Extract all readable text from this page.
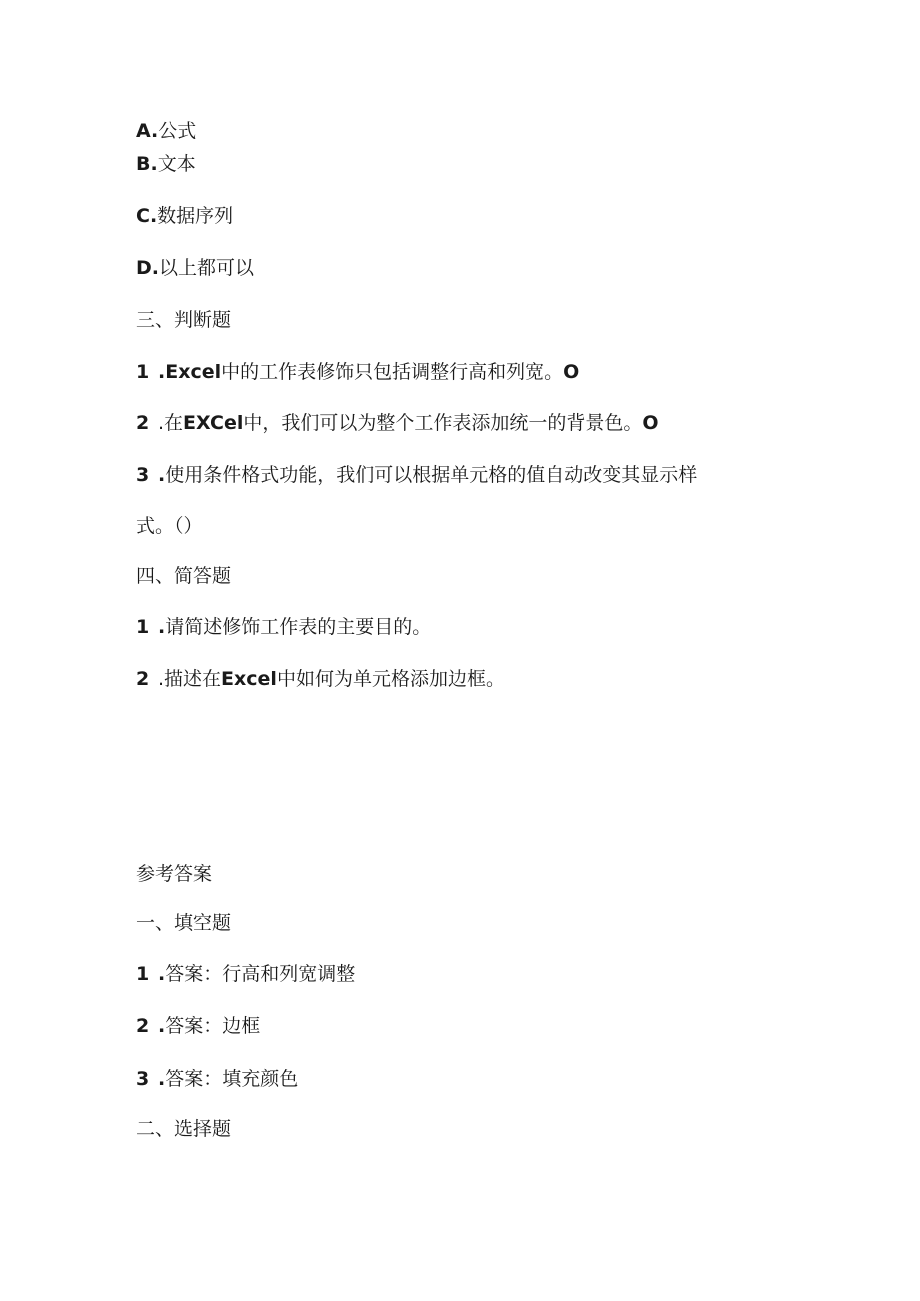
A.公式
B.文本
C.数据序列
D.以上都可以
三、判断题
1 .Excel中的工作表修饰只包括调整行高和列宽。O
2 .在EXCel中，我们可以为整个工作表添加统一的背景色。O
3 .使用条件格式功能，我们可以根据单元格的值自动改变其显示样
式。（）
四、简答题
1 .请简述修饰工作表的主要目的。
2 .描述在Excel中如何为单元格添加边框。
参考答案
一、填空题
1 .答案：行高和列宽调整
2 .答案：边框
3 .答案：填充颜色
二、选择题
